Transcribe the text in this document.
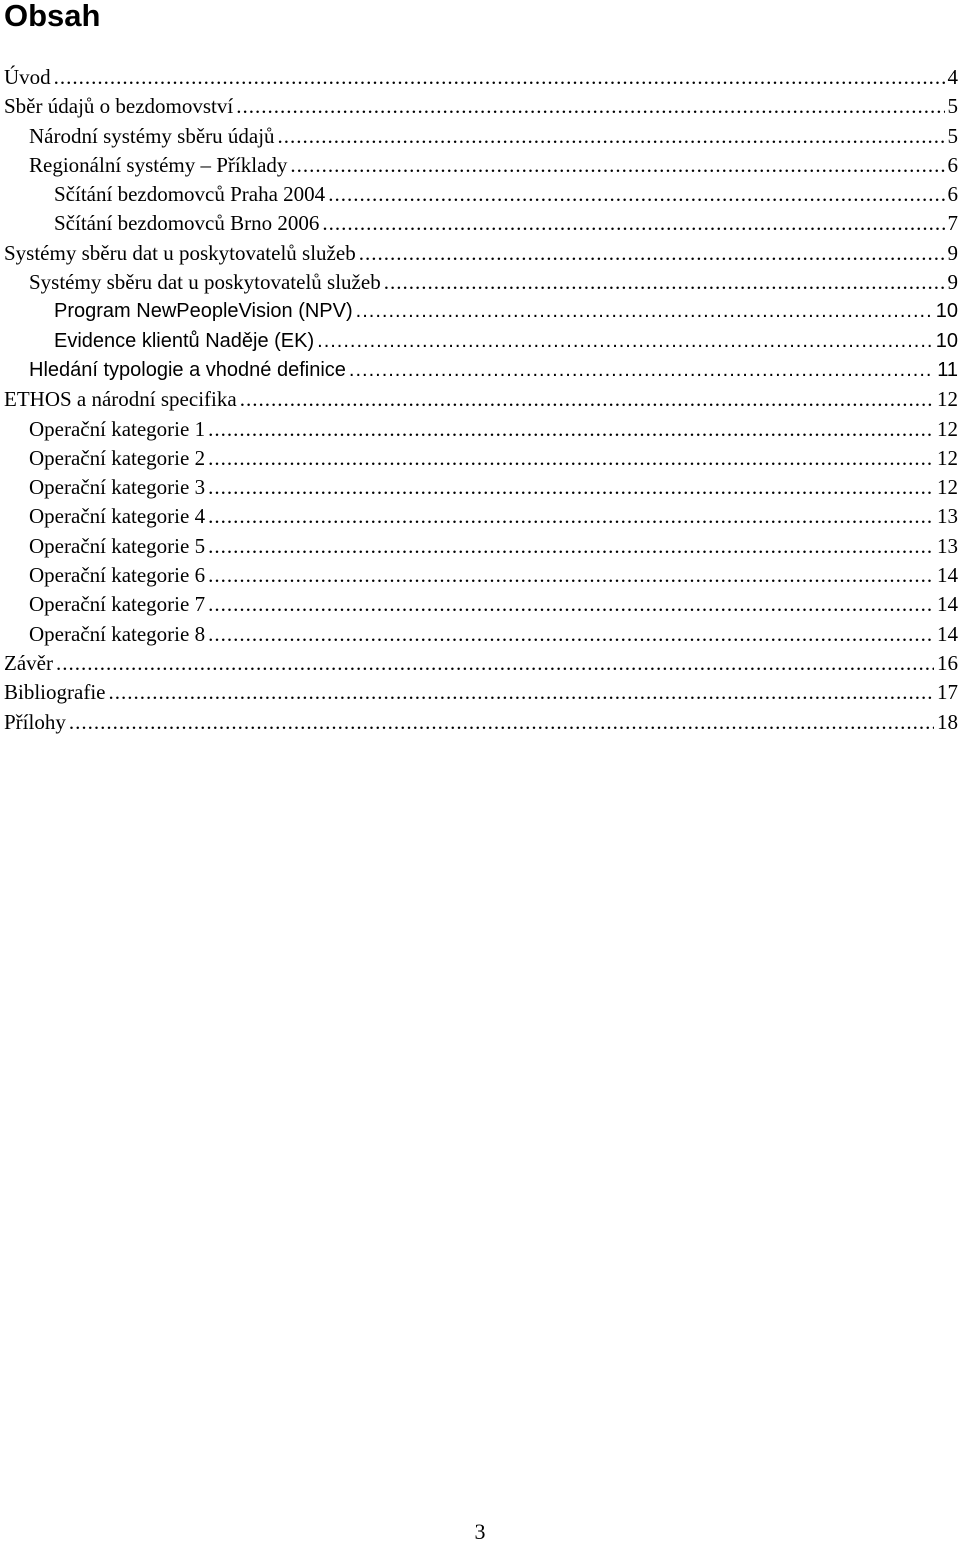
Obsah
Úvod .....	4
Sběr údajů o bezdomovství .....	5
Národní systémy sběru údajů .....	5
Regionální systémy – Příklady .....	6
Sčítání bezdomovců Praha 2004 .....	6
Sčítání bezdomovců Brno 2006 .....	7
Systémy sběru dat u poskytovatelů služeb .....	9
Systémy sběru dat u poskytovatelů služeb .....	9
Program NewPeopleVision (NPV) .....	10
Evidence klientů Naděje (EK) .....	10
Hledání typologie a vhodné definice .....	11
ETHOS a národní specifika .....	12
Operační kategorie 1 .....	12
Operační kategorie 2 .....	12
Operační kategorie 3 .....	12
Operační kategorie 4 .....	13
Operační kategorie 5 .....	13
Operační kategorie 6 .....	14
Operační kategorie 7 .....	14
Operační kategorie 8 .....	14
Závěr .....	16
Bibliografie .....	17
Přílohy .....	18
3
